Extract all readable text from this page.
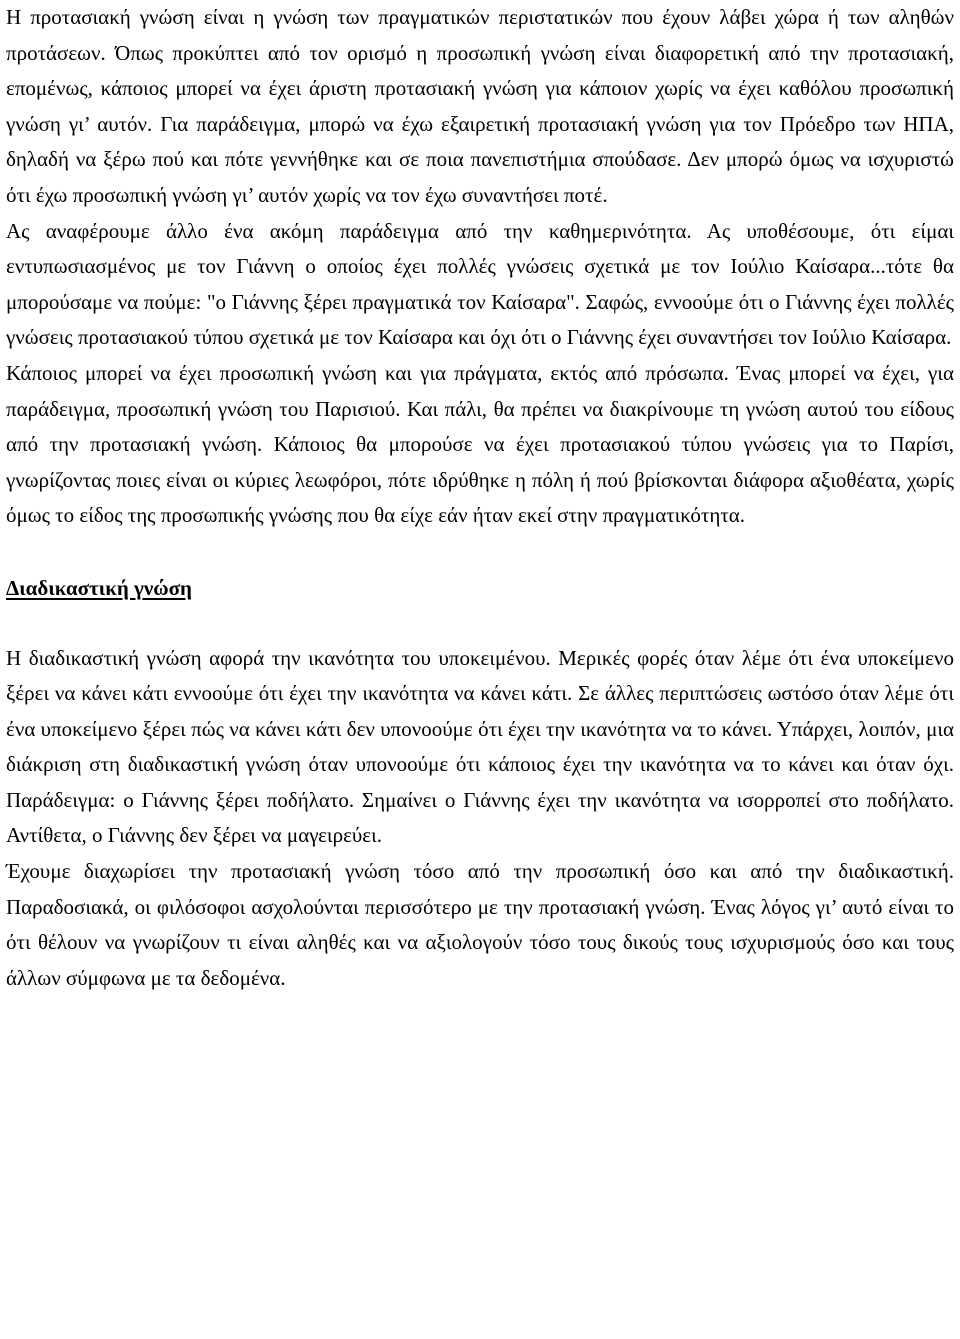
Η προτασιακή γνώση είναι η γνώση των πραγματικών περιστατικών που έχουν λάβει χώρα ή των αληθών προτάσεων. Όπως προκύπτει από τον ορισμό η προσωπική γνώση είναι διαφορετική από την προτασιακή, επομένως, κάποιος μπορεί να έχει άριστη προτασιακή γνώση για κάποιον χωρίς να έχει καθόλου προσωπική γνώση γι’ αυτόν. Για παράδειγμα, μπορώ να έχω εξαιρετική προτασιακή γνώση για τον Πρόεδρο των ΗΠΑ, δηλαδή να ξέρω πού και πότε γεννήθηκε και σε ποια πανεπιστήμια σπούδασε. Δεν μπορώ όμως να ισχυριστώ ότι έχω προσωπική γνώση γι’ αυτόν χωρίς να τον έχω συναντήσει ποτέ.

Ας αναφέρουμε άλλο ένα ακόμη παράδειγμα από την καθημερινότητα. Ας υποθέσουμε, ότι είμαι εντυπωσιασμένος με τον Γιάννη ο οποίος έχει πολλές γνώσεις σχετικά με τον Ιούλιο Καίσαρα...τότε θα μπορούσαμε να πούμε: "ο Γιάννης ξέρει πραγματικά τον Καίσαρα". Σαφώς, εννοούμε ότι ο Γιάννης έχει πολλές γνώσεις προτασιακού τύπου σχετικά με τον Καίσαρα και όχι ότι ο Γιάννης έχει συναντήσει τον Ιούλιο Καίσαρα.

Κάποιος μπορεί να έχει προσωπική γνώση και για πράγματα, εκτός από πρόσωπα. Ένας μπορεί να έχει, για παράδειγμα, προσωπική γνώση του Παρισιού. Και πάλι, θα πρέπει να διακρίνουμε τη γνώση αυτού του είδους από την προτασιακή γνώση. Κάποιος θα μπορούσε να έχει προτασιακού τύπου γνώσεις για το Παρίσι, γνωρίζοντας ποιες είναι οι κύριες λεωφόροι, πότε ιδρύθηκε η πόλη ή πού βρίσκονται διάφορα αξιοθέατα, χωρίς όμως το είδος της προσωπικής γνώσης που θα είχε εάν ήταν εκεί στην πραγματικότητα.

Διαδικαστική γνώση

Η διαδικαστική γνώση αφορά την ικανότητα του υποκειμένου. Μερικές φορές όταν λέμε ότι ένα υποκείμενο ξέρει να κάνει κάτι εννοούμε ότι έχει την ικανότητα να κάνει κάτι. Σε άλλες περιπτώσεις ωστόσο όταν λέμε ότι ένα υποκείμενο ξέρει πώς να κάνει κάτι δεν υπονοούμε ότι έχει την ικανότητα να το κάνει. Υπάρχει, λοιπόν, μια διάκριση στη διαδικαστική γνώση όταν υπονοούμε ότι κάποιος έχει την ικανότητα να το κάνει και όταν όχι. Παράδειγμα: ο Γιάννης ξέρει ποδήλατο. Σημαίνει ο Γιάννης έχει την ικανότητα να ισορροπεί στο ποδήλατο. Αντίθετα, ο Γιάννης δεν ξέρει να μαγειρεύει.

Έχουμε διαχωρίσει την προτασιακή γνώση τόσο από την προσωπική όσο και από την διαδικαστική. Παραδοσιακά, οι φιλόσοφοι ασχολούνται περισσότερο με την προτασιακή γνώση. Ένας λόγος γι’ αυτό είναι το ότι θέλουν να γνωρίζουν τι είναι αληθές και να αξιολογούν τόσο τους δικούς τους ισχυρισμούς όσο και τους άλλων σύμφωνα με τα δεδομένα.
